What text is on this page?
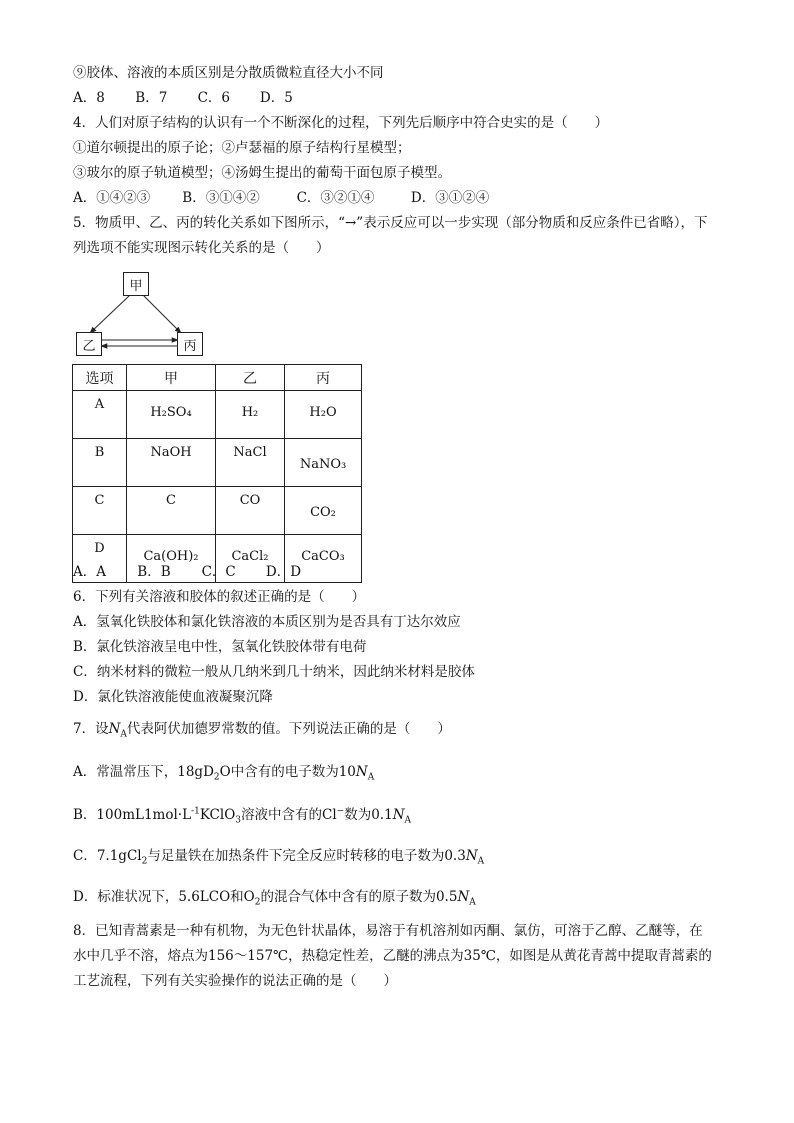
⑨胶体、溶液的本质区别是分散质微粒直径大小不同
A．8 B．7 C．6 D．5
4．人们对原子结构的认识有一个不断深化的过程，下列先后顺序中符合史实的是（　　）
①道尔顿提出的原子论；②卢瑟福的原子结构行星模型；
③玻尔的原子轨道模型；④汤姆生提出的葡萄干面包原子模型。
A．①④②③ B．③①④②	C．③②①④	D．③①②④
5．物质甲、乙、丙的转化关系如下图所示，“→”表示反应可以一步实现（部分物质和反应条件已省略），下
列选项不能实现图示转化关系的是（　　）
甲
乙	丙
选项	甲	乙	丙
A	H₂SO₄	H₂	H₂O

B	NaOH	NaCl	NaNO₃

C	C	CO	CO₂

D	Ca(OH)₂	CaCl₂	CaCO₃
A．A B．B C．C D．D
6．下列有关溶液和胶体的叙述正确的是（　　）
A．氢氧化铁胶体和氯化铁溶液的本质区别为是否具有丁达尔效应
B．氯化铁溶液呈电中性，氢氧化铁胶体带有电荷
C．纳米材料的微粒一般从几纳米到几十纳米，因此纳米材料是胶体
D．氯化铁溶液能使血液凝聚沉降
7．设$N_A$代表阿伏加德罗常数的值。下列说法正确的是（　　）
A．常温常压下，$18gD_2O$中含有的电子数为$10N_A$
B．$100mL1mol\cdot L^{-1}KClO_3$溶液中含有的Cl−数为$0.1N_A$
C．7.1gCl$_2$与足量铁在加热条件下完全反应时转移的电子数为$0.3N_A$
D．标准状况下，5.6LCO和$O_2$的混合气体中含有的原子数为$0.5N_A$
8．已知青蒿素是一种有机物，为无色针状晶体，易溶于有机溶剂如丙酮、氯仿，可溶于乙醇、乙醚等，在
水中几乎不溶，熔点为156～157℃，热稳定性差，乙醚的沸点为35℃，如图是从黄花青蒿中提取青蒿素的
工艺流程，下列有关实验操作的说法正确的是（　　）
